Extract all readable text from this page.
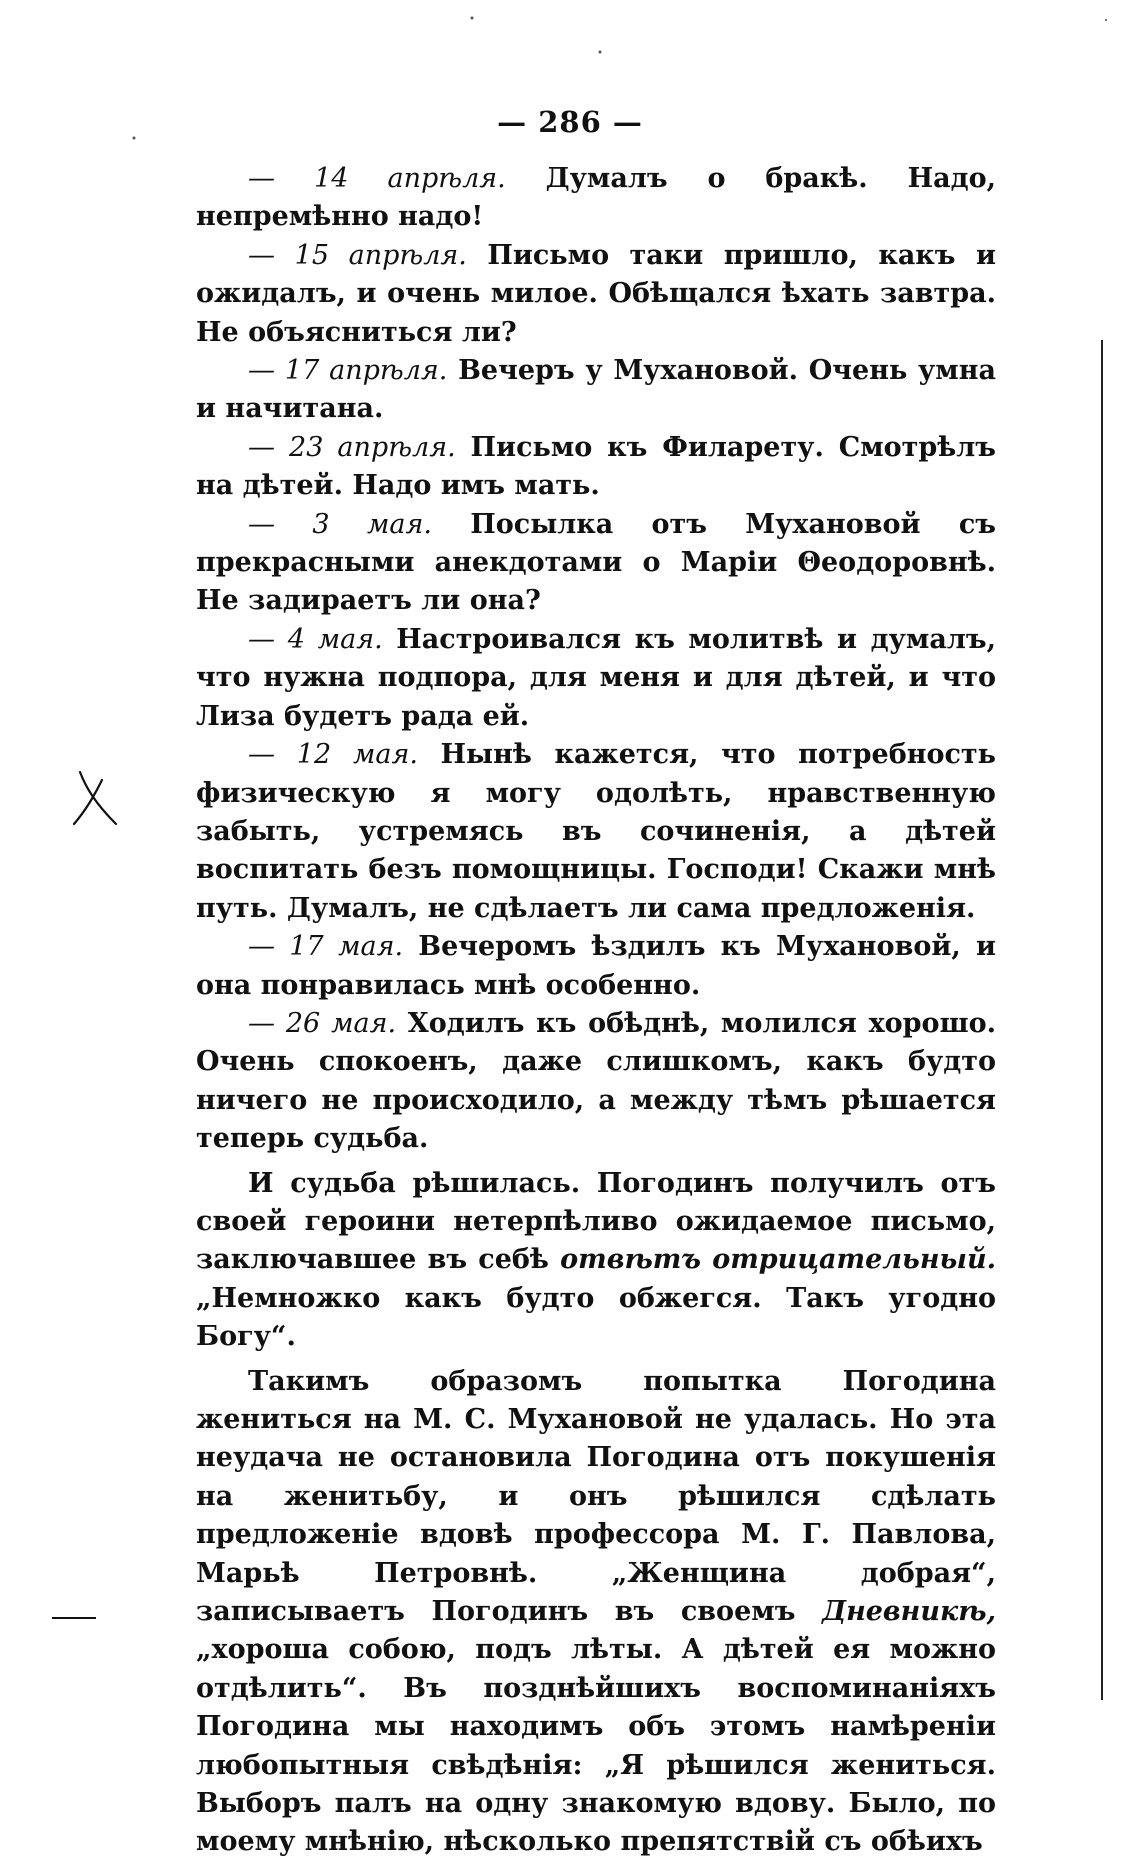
— 286 —

— 14 апрѣля. Думалъ о бракѣ. Надо, непремѣнно надо!

— 15 апрѣля. Письмо таки пришло, какъ и ожидалъ, и очень милое. Обѣщался ѣхать завтра. Не объясниться ли?

— 17 апрѣля. Вечеръ у Мухановой. Очень умна и начитана.

— 23 апрѣля. Письмо къ Филарету. Смотрѣлъ на дѣтей. Надо имъ мать.

— 3 мая. Посылка отъ Мухановой съ прекрасными анекдотами о Маріи Θеодоровнѣ. Не задираетъ ли она?

— 4 мая. Настроивался къ молитвѣ и думалъ, что нужна подпора, для меня и для дѣтей, и что Лиза будетъ рада ей.

— 12 мая. Нынѣ кажется, что потребность физическую я могу одолѣть, нравственную забыть, устремясь въ сочиненія, а дѣтей воспитать безъ помощницы. Господи! Скажи мнѣ путь. Думалъ, не сдѣлаетъ ли сама предложенія.

— 17 мая. Вечеромъ ѣздилъ къ Мухановой, и она понравилась мнѣ особенно.

— 26 мая. Ходилъ къ обѣднѣ, молился хорошо. Очень спокоенъ, даже слишкомъ, какъ будто ничего не происходило, а между тѣмъ рѣшается теперь судьба.

И судьба рѣшилась. Погодинъ получилъ отъ своей героини нетерпѣливо ожидаемое письмо, заключавшее въ себѣ отвѣтъ отрицательный. „Немножко какъ будто обжегся. Такъ угодно Богу“.

Такимъ образомъ попытка Погодина жениться на М. С. Мухановой не удалась. Но эта неудача не остановила Погодина отъ покушенія на женитьбу, и онъ рѣшился сдѣлать предложеніе вдовѣ профессора М. Г. Павлова, Марьѣ Петровнѣ. „Женщина добрая“, записываетъ Погодинъ въ своемъ Дневникѣ, „хороша собою, подъ лѣты. А дѣтей ея можно отдѣлить“. Въ позднѣйшихъ воспоминаніяхъ Погодина мы находимъ объ этомъ намѣреніи любопытныя свѣдѣнія: „Я рѣшился жениться. Выборъ палъ на одну знакомую вдову. Было, по моему мнѣнію, нѣсколько препятствій съ обѣихъ
